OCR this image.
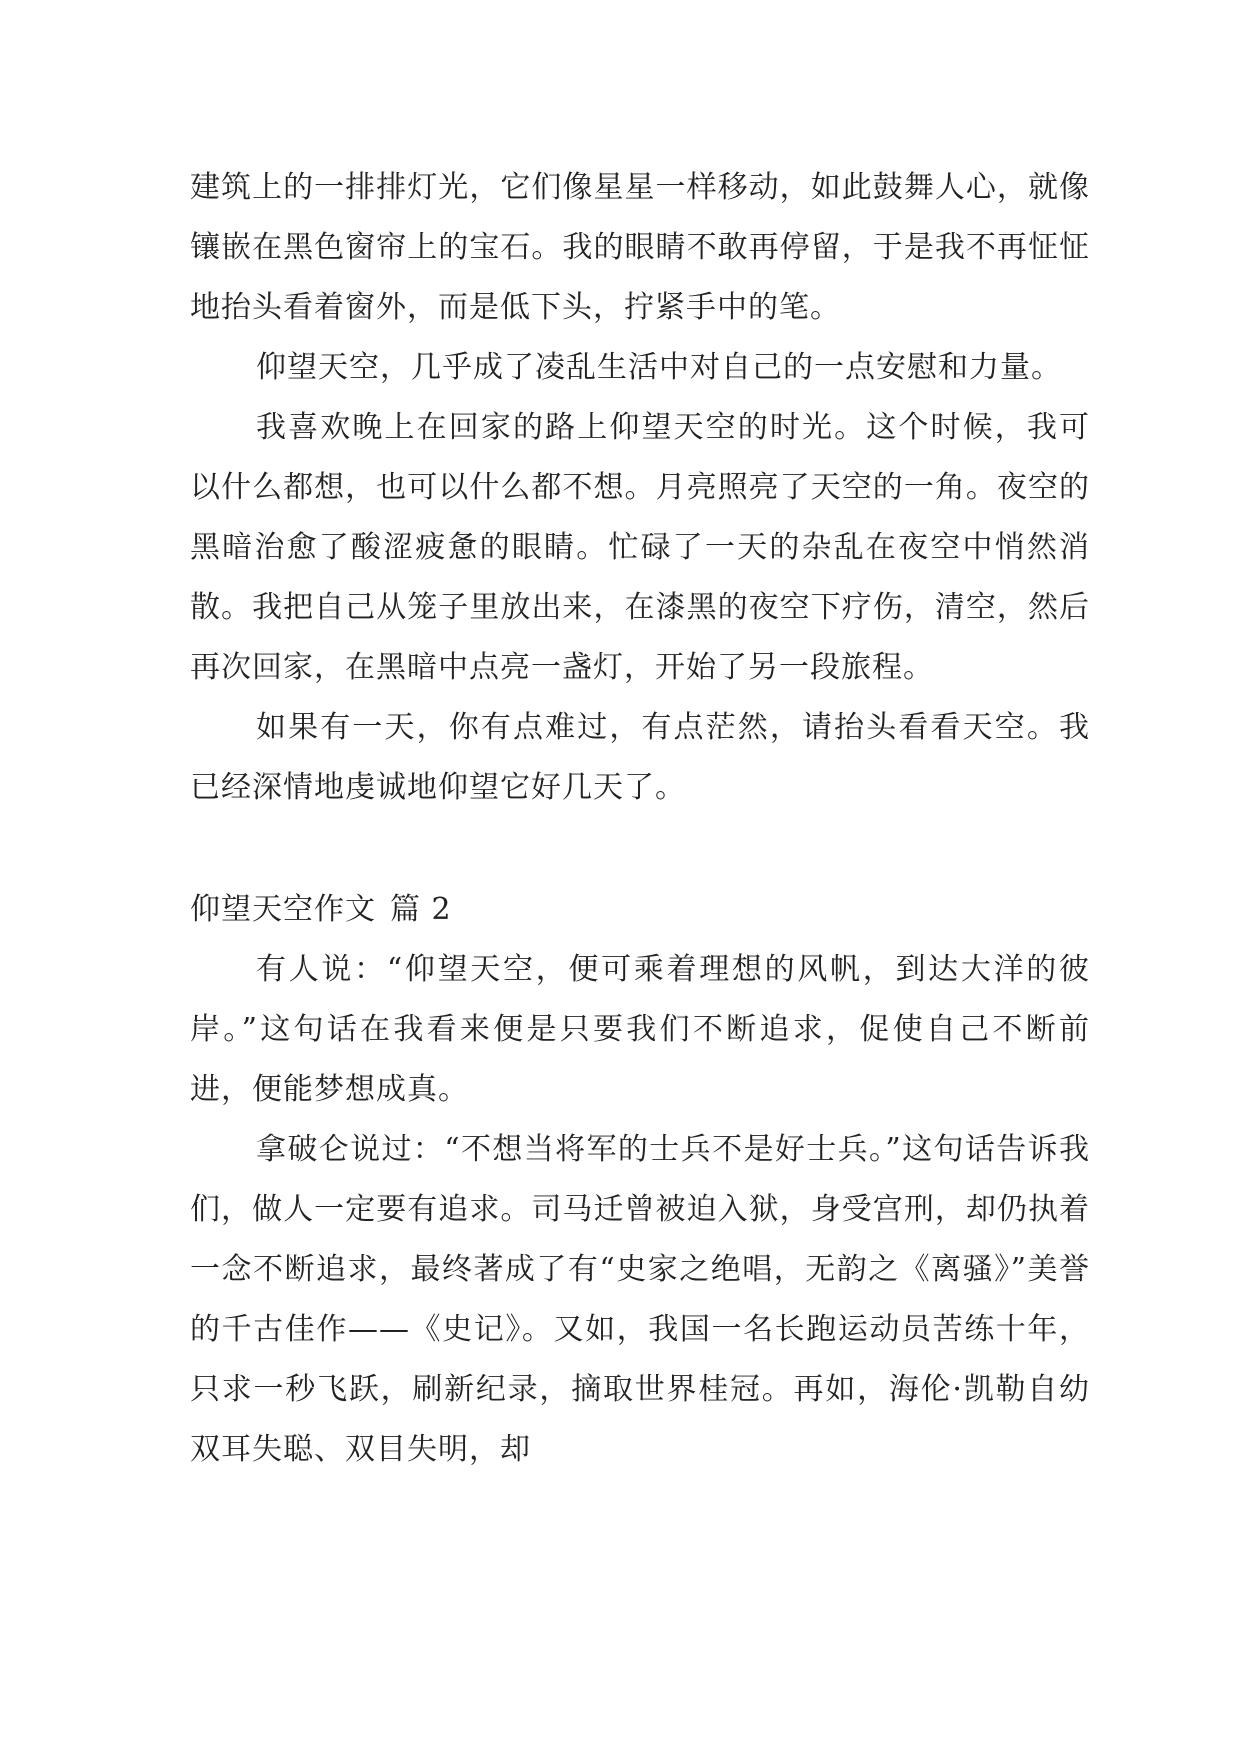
建筑上的一排排灯光，它们像星星一样移动，如此鼓舞人心，就像镶嵌在黑色窗帘上的宝石。我的眼睛不敢再停留，于是我不再怔怔地抬头看着窗外，而是低下头，拧紧手中的笔。

仰望天空，几乎成了凌乱生活中对自己的一点安慰和力量。

我喜欢晚上在回家的路上仰望天空的时光。这个时候，我可以什么都想，也可以什么都不想。月亮照亮了天空的一角。夜空的黑暗治愈了酸涩疲惫的眼睛。忙碌了一天的杂乱在夜空中悄然消散。我把自己从笼子里放出来，在漆黑的夜空下疗伤，清空，然后再次回家，在黑暗中点亮一盏灯，开始了另一段旅程。

如果有一天，你有点难过，有点茫然，请抬头看看天空。我已经深情地虔诚地仰望它好几天了。

仰望天空作文 篇 2

有人说：“仰望天空，便可乘着理想的风帆，到达大洋的彼岸。”这句话在我看来便是只要我们不断追求，促使自己不断前进，便能梦想成真。

拿破仑说过：“不想当将军的士兵不是好士兵。”这句话告诉我们，做人一定要有追求。司马迁曾被迫入狱，身受宫刑，却仍执着一念不断追求，最终著成了有“史家之绝唱，无韵之《离骚》”美誉的千古佳作——《史记》。又如，我国一名长跑运动员苦练十年，只求一秒飞跃，刷新纪录，摘取世界桂冠。再如，海伦·凯勒自幼双耳失聪、双目失明，却
